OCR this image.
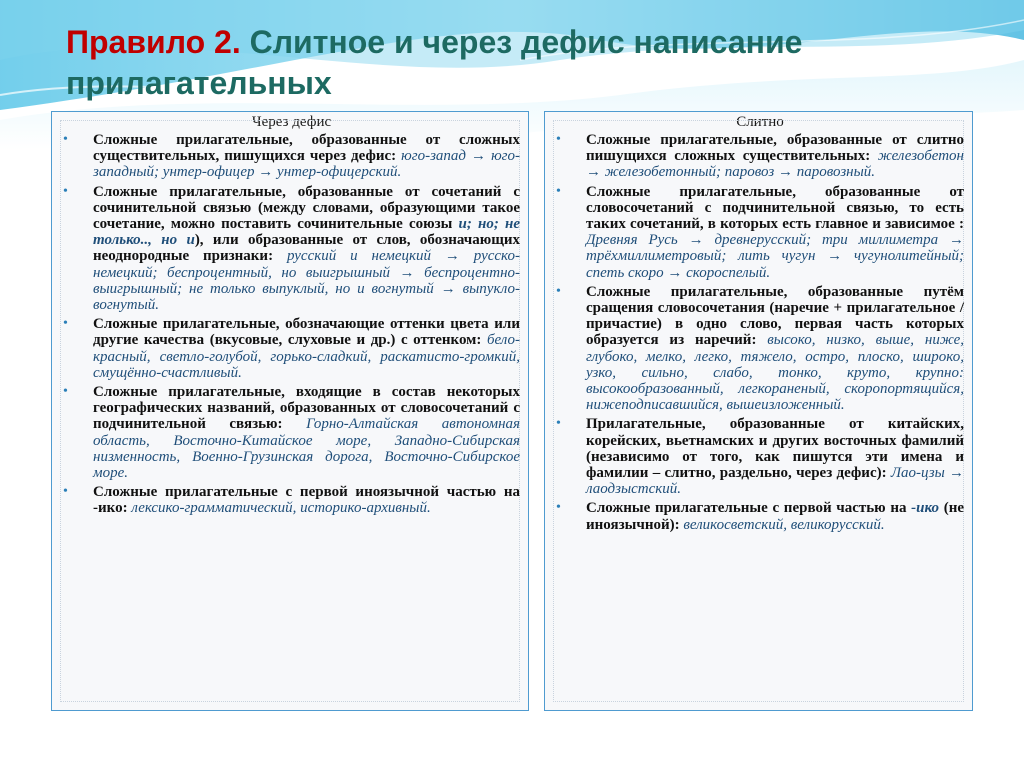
Правило 2. Слитное и через дефис написание прилагательных
Через дефис
• Сложные прилагательные, образованные от сложных существительных, пишущихся через дефис: юго-запад → юго-западный; унтер-офицер → унтер-офицерский.
• Сложные прилагательные, образованные от сочетаний с сочинительной связью (между словами, образующими такое сочетание, можно поставить сочинительные союзы и; но; не только.., но и), или образованные от слов, обозначающих неоднородные признаки: русский и немецкий → русско-немецкий; беспроцентный, но выигрышный → беспроцентно-выигрышный; не только выпуклый, но и вогнутый → выпукло-вогнутый.
• Сложные прилагательные, обозначающие оттенки цвета или другие качества (вкусовые, слуховые и др.) с оттенком: бело-красный, светло-голубой, горько-сладкий, раскатисто-громкий, смущённо-счастливый.
• Сложные прилагательные, входящие в состав некоторых географических названий, образованных от словосочетаний с подчинительной связью: Горно-Алтайская автономная область, Восточно-Китайское море, Западно-Сибирская низменность, Военно-Грузинская дорога, Восточно-Сибирское море.
• Сложные прилагательные с первой иноязычной частью на -ико: лексико-грамматический, историко-архивный.
Слитно
• Сложные прилагательные, образованные от слитно пишущихся сложных существительных: железобетон → железобетонный; паровоз → паровозный.
• Сложные прилагательные, образованные от словосочетаний с подчинительной связью, то есть таких сочетаний, в которых есть главное и зависимое : Древняя Русь → древнерусский; три миллиметра → трёхмиллиметровый; лить чугун → чугунолитейный; спеть скоро → скороспелый.
• Сложные прилагательные, образованные путём сращения словосочетания (наречие + прилагательное / причастие) в одно слово, первая часть которых образуется из наречий: высоко, низко, выше, ниже, глубоко, мелко, легко, тяжело, остро, плоско, широко, узко, сильно, слабо, тонко, круто, крупно: высокообразованный, легкораненый, скоропортящийся, нижеподписавшийся, вышеизложенный.
• Прилагательные, образованные от китайских, корейских, вьетнамских и других восточных фамилий (независимо от того, как пишутся эти имена и фамилии – слитно, раздельно, через дефис): Лао-цзы → лаодзыстский.
• Сложные прилагательные с первой частью на -ико (не иноязычной): великосветский, великорусский.
